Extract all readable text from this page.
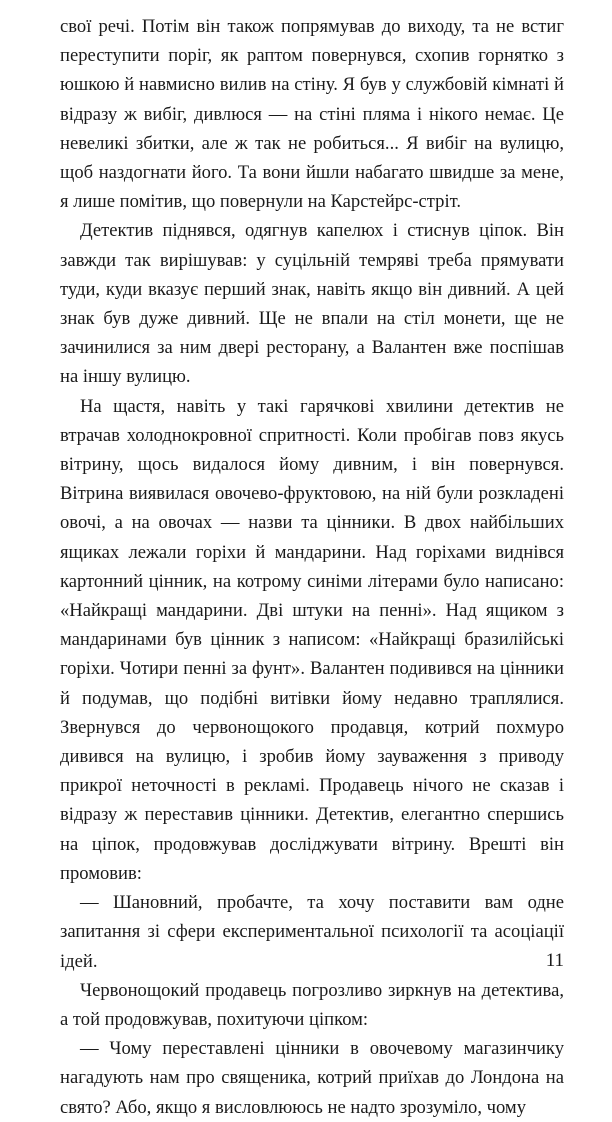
свої речі. Потім він також попрямував до виходу, та не встиг переступити поріг, як раптом повернувся, схопив горнятко з юшкою й навмисно вилив на стіну. Я був у службовій кімнаті й відразу ж вибіг, дивлюся — на стіні пляма і нікого немає. Це невеликі збитки, але ж так не робиться... Я вибіг на вулицю, щоб наздогнати його. Та вони йшли набагато швидше за мене, я лише помітив, що повернули на Карстейрс-стріт.

Детектив піднявся, одягнув капелюх і стиснув ціпок. Він завжди так вирішував: у суцільній темряві треба прямувати туди, куди вказує перший знак, навіть якщо він дивний. А цей знак був дуже дивний. Ще не впали на стіл монети, ще не зачинилися за ним двері ресторану, а Валантен вже поспішав на іншу вулицю.

На щастя, навіть у такі гарячкові хвилини детектив не втрачав холоднокровної спритності. Коли пробігав повз якусь вітрину, щось видалося йому дивним, і він повернувся. Вітрина виявилася овочево-фруктовою, на ній були розкладені овочі, а на овочах — назви та цінники. В двох найбільших ящиках лежали горіхи й мандарини. Над горіхами виднівся картонний цінник, на котрому синіми літерами було написано: «Найкращі мандарини. Дві штуки на пенні». Над ящиком з мандаринами був цінник з написом: «Найкращі бразилійські горіхи. Чотири пенні за фунт». Валантен подивився на цінники й подумав, що подібні витівки йому недавно траплялися. Звернувся до червонощокого продавця, котрий похмуро дивився на вулицю, і зробив йому зауваження з приводу прикрої неточності в рекламі. Продавець нічого не сказав і відразу ж переставив цінники. Детектив, елегантно спершись на ціпок, продовжував досліджувати вітрину. Врешті він промовив:

— Шановний, пробачте, та хочу поставити вам одне запитання зі сфери експериментальної психології та асоціації ідей.

Червонощокий продавець погрозливо зиркнув на детектива, а той продовжував, похитуючи ціпком:

— Чому переставлені цінники в овочевому магазинчику нагадують нам про священика, котрий приїхав до Лондона на свято? Або, якщо я висловлююсь не надто зрозуміло, чому

11
